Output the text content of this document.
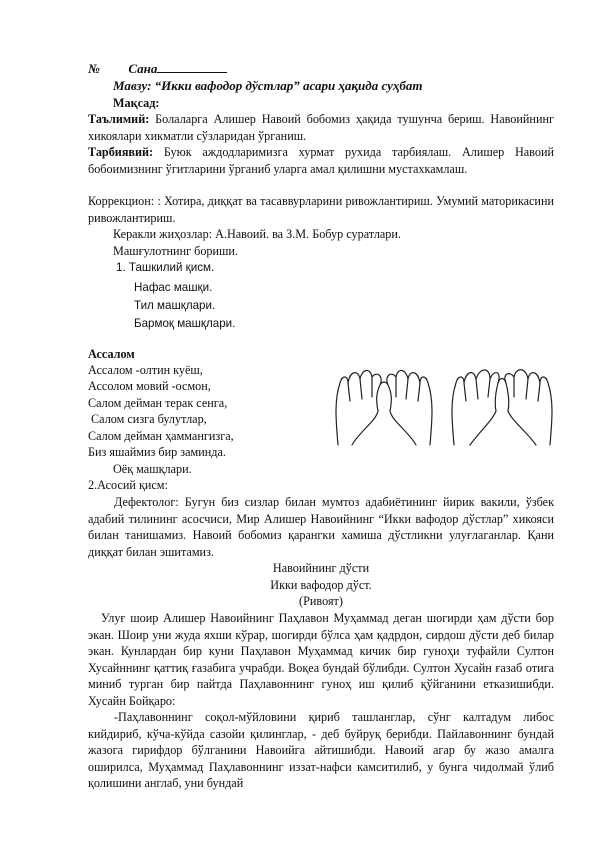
№ Сана
Мавзу: “Икки вафодор дўстлар” асари ҳақида суҳбат
Мақсад:
Таълимий: Болаларга Алишер Навоий бобомиз ҳақида тушунча бериш. Навоийнинг хикоялари хикматли сўзларидан ўрганиш.
Тарбиявий: Буюк аждодларимизга хурмат рухида тарбиялаш. Алишер Навоий бобоимизнинг ўгитларини ўрганиб уларга амал қилишни мустахкамлаш.
Коррекцион: : Хотира, диққат ва тасаввурларини ривожлантириш. Умумий маторикасини ривожлантириш.
Керакли жиҳозлар: А.Навоий. ва З.М. Бобур суратлари.
Машғулотнинг бориши.
1. Ташкилий қисм.
Нафас машқи.
Тил машқлари.
Бармоқ машқлари.
Ассалом
Ассалом -олтин куёш,
Ассолом мовий -осмон,
Салом дейман терак сенга,
Салом сизга булутлар,
Салом дейман ҳаммангизга,
Биз яшаймиз бир заминда.
Оёқ машқлари.
2.Асосий қисм:
Дефектолог: Бугун биз сизлар билан мумтоз адабиётининг йирик вакили, ўзбек адабий тилининг асосчиси, Мир Алишер Навоийнинг “Икки вафодор дўстлар” хикояси билан танишамиз. Навоий бобомиз қарангки хамиша дўстликни улуғлаганлар. Қани диққат билан эшитамиз.
Навоийнинг дўсти
Икки вафодор дўст.
(Ривоят)
Улуғ шоир Алишер Навоийнинг Паҳлавон Муҳаммад деган шогирди ҳам дўсти бор экан. Шоир уни жуда яхши кўрар, шогирди бўлса ҳам қадрдон, сирдош дўсти деб билар экан. Кунлардан бир куни Паҳлавон Муҳаммад кичик бир гуноҳи туфайли Султон Хусайннинг қаттиқ ғазабига учрабди. Воқеа бундай бўлибди. Султон Хусайн ғазаб отига миниб турган бир пайтда Паҳлавоннинг гуноҳ иш қилиб қўйганини етказишибди. Хусайн Бойқаро:
-Паҳлавоннинг соқол-мўйловини қириб ташланглар, сўнг калтадум либос кийдириб, кўча-кўйда сазойи қилинглар, - деб буйруқ берибди. Пайлавоннинг бундай жазога гирифдор бўлганини Навоийга айтишибди. Навоий агар бу жазо амалга оширилса, Муҳаммад Паҳлавоннинг иззат-нафси камситилиб, у бунга чидолмай ўлиб қолишини англаб, уни бундай
